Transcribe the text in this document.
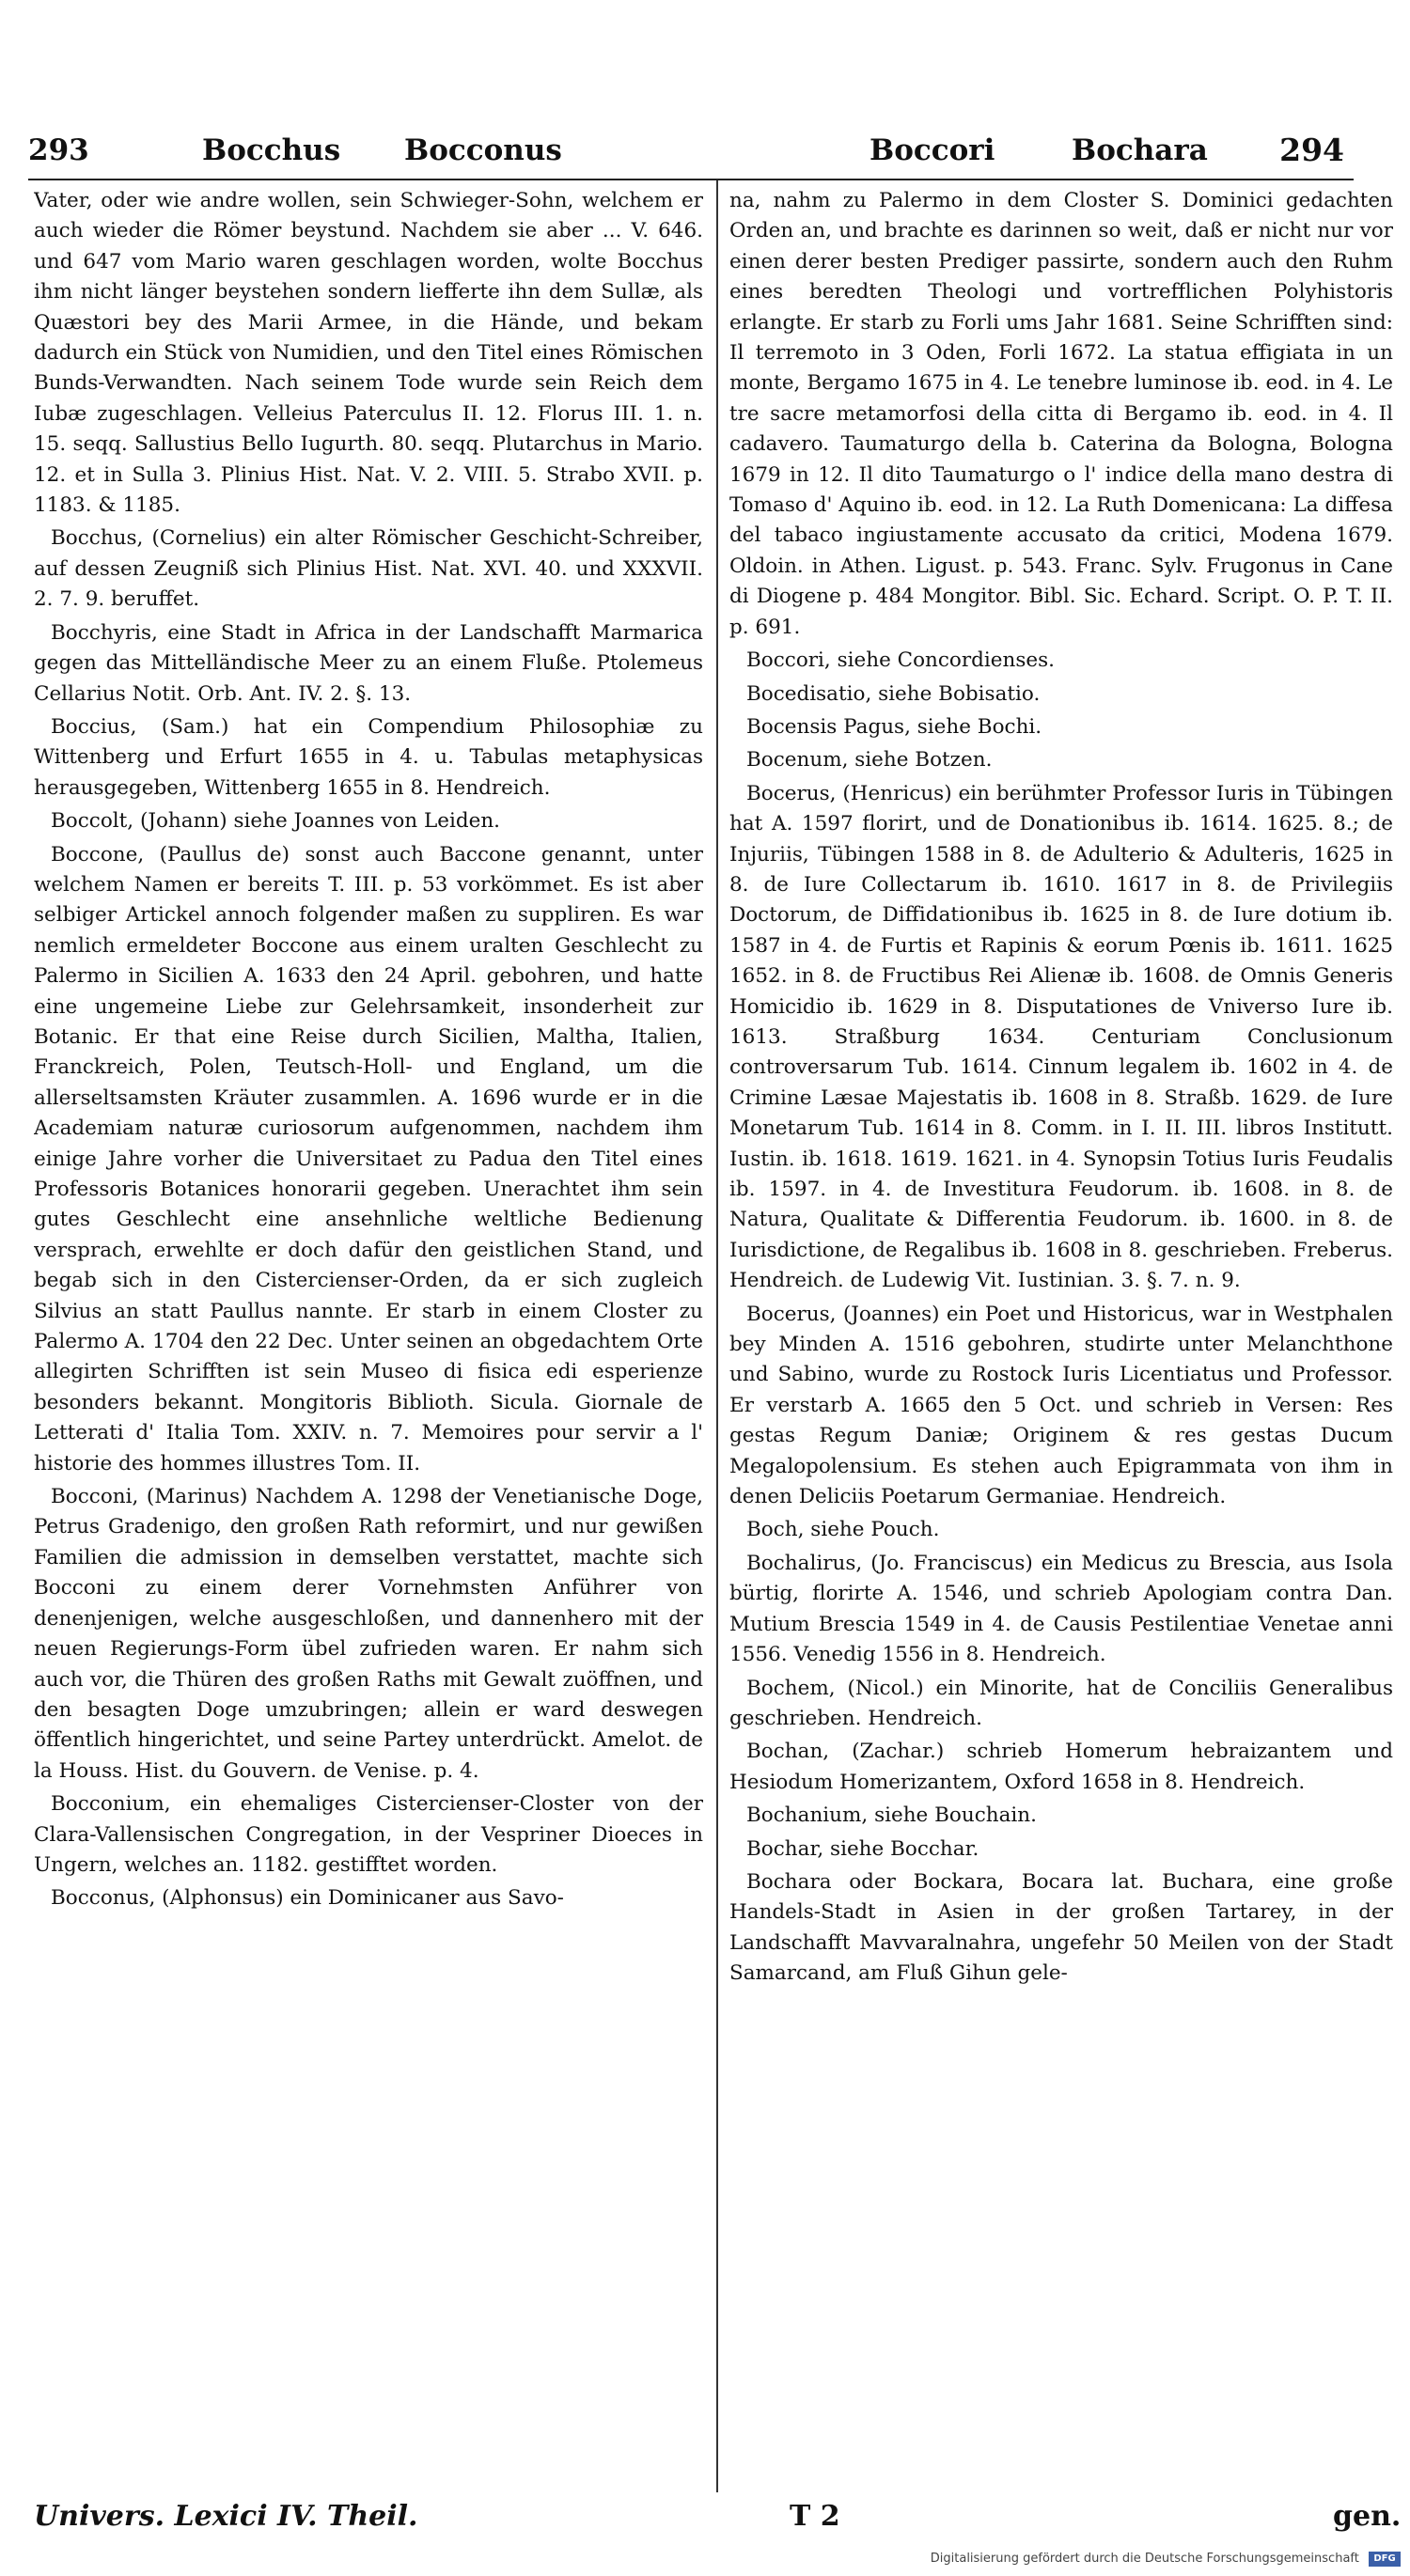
293	Bocchus Bocconus	Boccori	Bochara 294

Vater, oder wie andre wollen, sein Schwieger-Sohn, welchem er auch wieder die Römer beystund. Nachdem sie aber ... V. 646. und 647 vom Mario waren geschlagen worden, wolte Bocchus ihm nicht länger beystehen sondern liefferte ihn dem Sullæ, als Quæstori bey des Marii Armee, in die Hände, und bekam dadurch ein Stück von Numidien, und den Titel eines Römischen Bunds-Verwandten. Nach seinem Tode wurde sein Reich dem Iubæ zugeschlagen. Velleius Paterculus II. 12. Florus III. 1. n. 15. seqq. Sallustius Bello Iugurth. 80. seqq. Plutarchus in Mario. 12. et in Sulla 3. Plinius Hist. Nat. V. 2. VIII. 5. Strabo XVII. p. 1183. & 1185.

Bocchus, (Cornelius) ein alter Römischer Geschicht-Schreiber, auf dessen Zeugniß sich Plinius Hist. Nat. XVI. 40. und XXXVII. 2. 7. 9. beruffet.

Bocchyris, eine Stadt in Africa in der Landschafft Marmarica gegen das Mittelländische Meer zu an einem Fluße. Ptolemeus Cellarius Notit. Orb. Ant. IV. 2. §. 13.

Boccius, (Sam.) hat ein Compendium Philosophiæ zu Wittenberg und Erfurt 1655 in 4. u. Tabulas metaphysicas herausgegeben, Wittenberg 1655 in 8. Hendreich.

Boccolt, (Johann) siehe Joannes von Leiden.

Boccone, (Paullus de) sonst auch Baccone genannt, unter welchem Namen er bereits T. III. p. 53 vorkömmet. Es ist aber selbiger Artickel annoch folgender maßen zu suppliren. Es war nemlich ermeldeter Boccone aus einem uralten Geschlecht zu Palermo in Sicilien A. 1633 den 24 April. gebohren, und hatte eine ungemeine Liebe zur Gelehrsamkeit, insonderheit zur Botanic. Er that eine Reise durch Sicilien, Maltha, Italien, Franckreich, Polen, Teutsch-Holl- und England, um die allerseltsamsten Kräuter zusammlen. A. 1696 wurde er in die Academiam naturæ curiosorum aufgenommen, nachdem ihm einige Jahre vorher die Universitaet zu Padua den Titel eines Professoris Botanices honorarii gegeben. Unerachtet ihm sein gutes Geschlecht eine ansehnliche weltliche Bedienung versprach, erwehlte er doch dafür den geistlichen Stand, und begab sich in den Cistercienser-Orden, da er sich zugleich Silvius an statt Paullus nannte. Er starb in einem Closter zu Palermo A. 1704 den 22 Dec. Unter seinen an obgedachtem Orte allegirten Schrifften ist sein Museo di fisica edi esperienze besonders bekannt. Mongitoris Biblioth. Sicula. Giornale de Letterati d' Italia Tom. XXIV. n. 7. Memoires pour servir a l' historie des hommes illustres Tom. II.

Bocconi, (Marinus) Nachdem A. 1298 der Venetianische Doge, Petrus Gradenigo, den großen Rath reformirt, und nur gewißen Familien die admission in demselben verstattet, machte sich Bocconi zu einem derer Vornehmsten Anführer von denenjenigen, welche ausgeschloßen, und dannenhero mit der neuen Regierungs-Form übel zufrieden waren. Er nahm sich auch vor, die Thüren des großen Raths mit Gewalt zuöffnen, und den besagten Doge umzubringen; allein er ward deswegen öffentlich hingerichtet, und seine Partey unterdrückt. Amelot. de la Houss. Hist. du Gouvern. de Venise. p. 4.

Bocconium, ein ehemaliges Cistercienser-Closter von der Clara-Vallensischen Congregation, in der Vespriner Dioeces in Ungern, welches an. 1182. gestifftet worden.

Bocconus, (Alphonsus) ein Dominicaner aus Savo-

na, nahm zu Palermo in dem Closter S. Dominici gedachten Orden an, und brachte es darinnen so weit, daß er nicht nur vor einen derer besten Prediger passirte, sondern auch den Ruhm eines beredten Theologi und vortrefflichen Polyhistoris erlangte. Er starb zu Forli ums Jahr 1681. Seine Schrifften sind: Il terremoto in 3 Oden, Forli 1672. La statua effigiata in un monte, Bergamo 1675 in 4. Le tenebre luminose ib. eod. in 4. Le tre sacre metamorfosi della citta di Bergamo ib. eod. in 4. Il cadavero. Taumaturgo della b. Caterina da Bologna, Bologna 1679 in 12. Il dito Taumaturgo o l' indice della mano destra di Tomaso d' Aquino ib. eod. in 12. La Ruth Domenicana: La diffesa del tabaco ingiustamente accusato da critici, Modena 1679. Oldoin. in Athen. Ligust. p. 543. Franc. Sylv. Frugonus in Cane di Diogene p. 484 Mongitor. Bibl. Sic. Echard. Script. O. P. T. II. p. 691.

Boccori, siehe Concordienses.

Bocedisatio, siehe Bobisatio.

Bocensis Pagus, siehe Bochi.

Bocenum, siehe Botzen.

Bocerus, (Henricus) ein berühmter Professor Iuris in Tübingen hat A. 1597 florirt, und de Donationibus ib. 1614. 1625. 8.; de Injuriis, Tübingen 1588 in 8. de Adulterio & Adulteris, 1625 in 8. de Iure Collectarum ib. 1610. 1617 in 8. de Privilegiis Doctorum, de Diffidationibus ib. 1625 in 8. de Iure dotium ib. 1587 in 4. de Furtis et Rapinis & eorum Pœnis ib. 1611. 1625 1652. in 8. de Fructibus Rei Alienæ ib. 1608. de Omnis Generis Homicidio ib. 1629 in 8. Disputationes de Vniverso Iure ib. 1613. Straßburg 1634. Centuriam Conclusionum controversarum Tub. 1614. Cinnum legalem ib. 1602 in 4. de Crimine Læsae Majestatis ib. 1608 in 8. Straßb. 1629. de Iure Monetarum Tub. 1614 in 8. Comm. in I. II. III. libros Institutt. Iustin. ib. 1618. 1619. 1621. in 4. Synopsin Totius Iuris Feudalis ib. 1597. in 4. de Investitura Feudorum. ib. 1608. in 8. de Natura, Qualitate & Differentia Feudorum. ib. 1600. in 8. de Iurisdictione, de Regalibus ib. 1608 in 8. geschrieben. Freberus. Hendreich. de Ludewig Vit. Iustinian. 3. §. 7. n. 9.

Bocerus, (Joannes) ein Poet und Historicus, war in Westphalen bey Minden A. 1516 gebohren, studirte unter Melanchthone und Sabino, wurde zu Rostock Iuris Licentiatus und Professor. Er verstarb A. 1665 den 5 Oct. und schrieb in Versen: Res gestas Regum Daniæ; Originem & res gestas Ducum Megalopolensium. Es stehen auch Epigrammata von ihm in denen Deliciis Poetarum Germaniae. Hendreich.

Boch, siehe Pouch.

Bochalirus, (Jo. Franciscus) ein Medicus zu Brescia, aus Isola bürtig, florirte A. 1546, und schrieb Apologiam contra Dan. Mutium Brescia 1549 in 4. de Causis Pestilentiae Venetae anni 1556. Venedig 1556 in 8. Hendreich.

Bochem, (Nicol.) ein Minorite, hat de Conciliis Generalibus geschrieben. Hendreich.

Bochan, (Zachar.) schrieb Homerum hebraizantem und Hesiodum Homerizantem, Oxford 1658 in 8. Hendreich.

Bochanium, siehe Bouchain.

Bochar, siehe Bocchar.

Bochara oder Bockara, Bocara lat. Buchara, eine große Handels-Stadt in Asien in der großen Tartarey, in der Landschafft Mavvaralnahra, ungefehr 50 Meilen von der Stadt Samarcand, am Fluß Gihun gele-

Univers. Lexici IV. Theil.	T 2	gen.
Digitalisierung gefördert durch die Deutsche Forschungsgemeinschaft DFG
